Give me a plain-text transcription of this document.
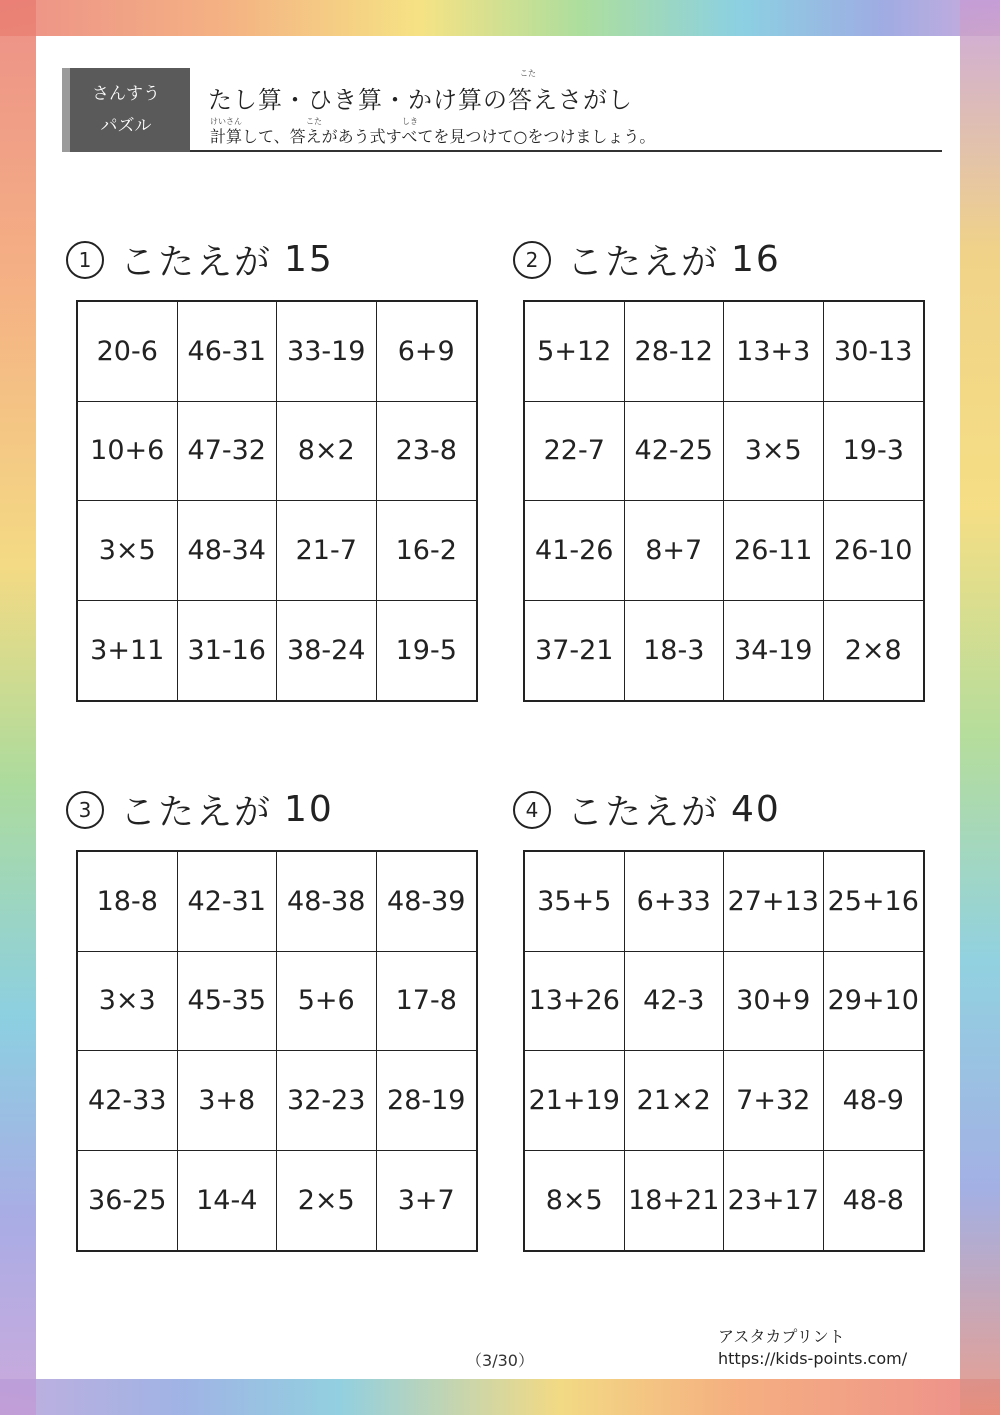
さんすう
パズル
こた
たし算・ひき算・かけ算の答えさがし
けいさん	こた	しき
計算して、答えがあう式すべてを見つけて○をつけましょう。
1 こたえが 15
20-6	46-31 33-19	6+9
10+6 47-32	8×2	23-8
3×5	48-34	21-7	16-2
3+11 31-16 38-24	19-5
2 こたえが 16
5+12 28-12 13+3 30-13
22-7	42-25	3×5	19-3
41-26	8+7	26-11 26-10
37-21	18-3	34-19	2×8
3 こたえが 10
18-8	42-31 48-38 48-39
3×3	45-35	5+6	17-8
42-33	3+8	32-23 28-19
36-25	14-4	2×5	3+7
4 こたえが 40
35+5 6+33 27+13 25+16
13+26 42-3	30+9 29+10
21+19 21×2 7+32	48-9
8×5 18+21 23+17 48-8
（3/30）
アスタカプリント
https://kids-points.com/
